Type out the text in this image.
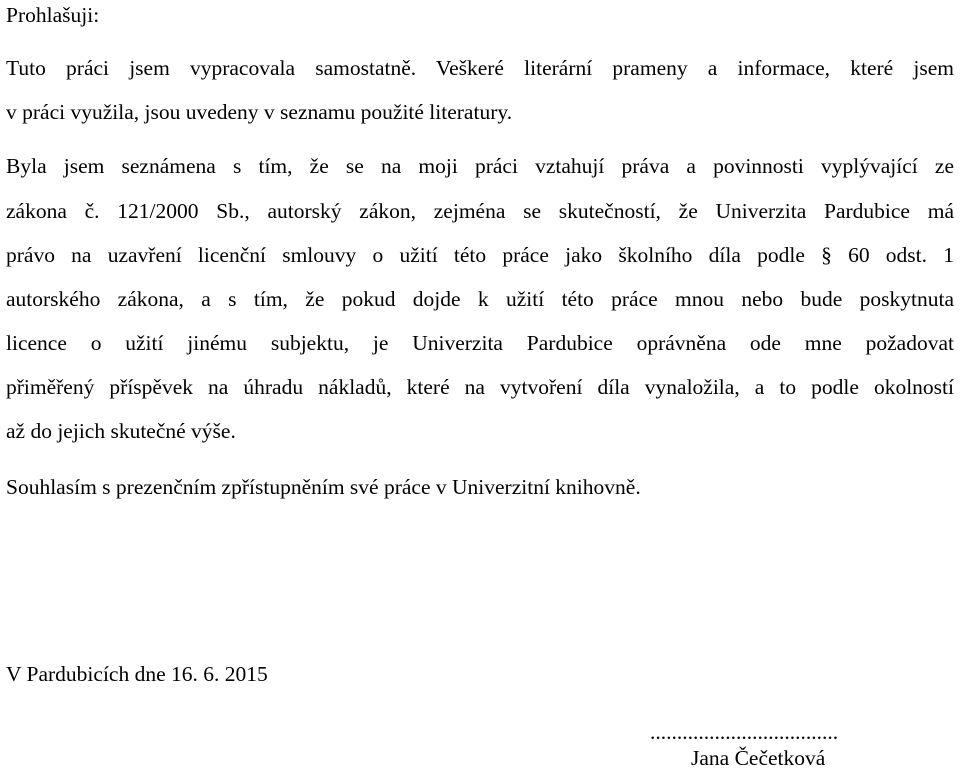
Prohlašuji:
Tuto práci jsem vypracovala samostatně. Veškeré literární prameny a informace, které jsem
v práci využila, jsou uvedeny v seznamu použité literatury.
Byla jsem seznámena s tím, že se na moji práci vztahují práva a povinnosti vyplývající ze
zákona č. 121/2000 Sb., autorský zákon, zejména se skutečností, že Univerzita Pardubice má
právo na uzavření licenční smlouvy o užití této práce jako školního díla podle § 60 odst. 1
autorského zákona, a s tím, že pokud dojde k užití této práce mnou nebo bude poskytnuta
licence o užití jinému subjektu, je Univerzita Pardubice oprávněna ode mne požadovat
přiměřený příspěvek na úhradu nákladů, které na vytvoření díla vynaložila, a to podle okolností
až do jejich skutečné výše.
Souhlasím s prezenčním zpřístupněním své práce v Univerzitní knihovně.
V Pardubicích dne 16. 6. 2015
...................................
Jana Čečetková
